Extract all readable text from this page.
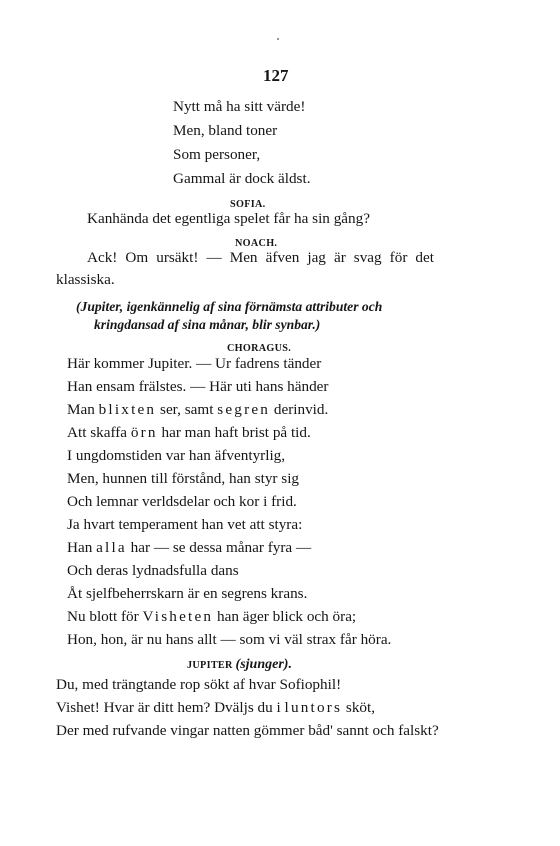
127
Nytt må ha sitt värde!
Men, bland toner
Som personer,
Gammal är dock äldst.
SOFIA.
Kanhända det egentliga spelet får ha sin gång?
NOACH.
Ack! Om ursäkt! — Men äfven jag är svag för det
klassiska.
(Jupiter, igenkännelig af sina förnämsta attributer och
kringdansad af sina månar, blir synbar.)
CHORAGUS.
Här kommer Jupiter. — Ur fadrens tänder
Han ensam frälstes. — Här uti hans händer
Man blixten ser, samt segren derinvid.
Att skaffa örn har man haft brist på tid.
I ungdomstiden var han äfventyrlig,
Men, hunnen till förstånd, han styr sig
Och lemnar verldsdelar och kor i frid.
Ja hvart temperament han vet att styra:
Han alla har — se dessa månar fyra —
Och deras lydnadsfulla dans
Åt sjelfbeherrskarn är en segrens krans.
Nu blott för Visheten han äger blick och öra;
Hon, hon, är nu hans allt — som vi väl strax får höra.
JUPITER (sjunger).
Du, med trängtande rop sökt af hvar Sofiophil!
Vishet! Hvar är ditt hem? Dväljs du i luntors sköt,
Der med rufvande vingar natten gömmer båd' sannt och falskt?
